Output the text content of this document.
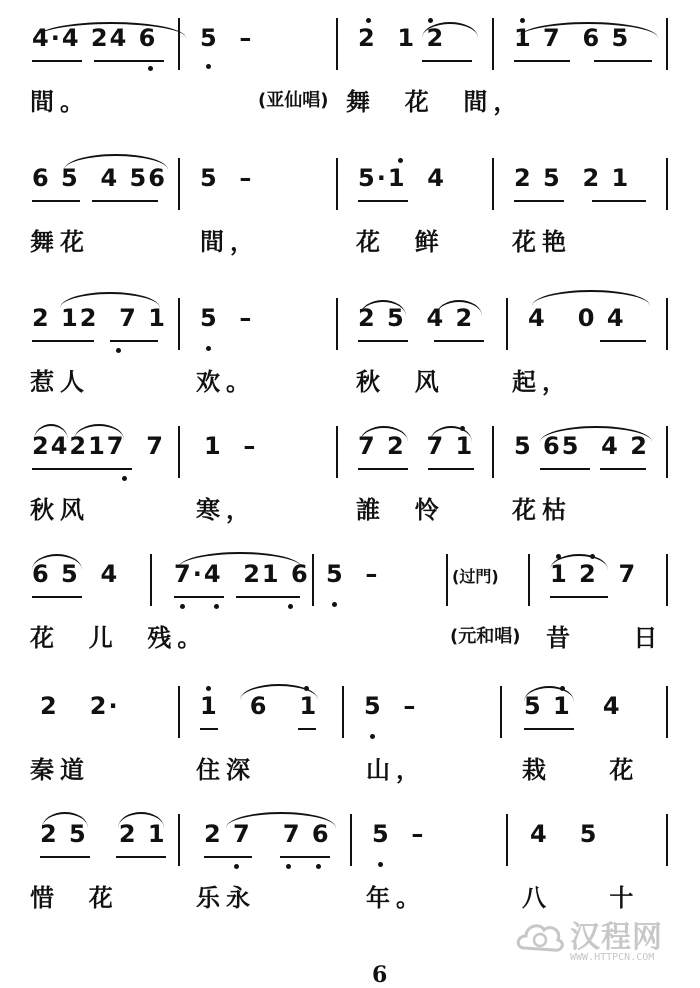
4·4 24 6 5  –	2  1 2	1 7  6 5
間。	(亚仙唱) 舞  花  間，
6 5  4 56 5  –	5·1  4	2 5  2 1
舞花	間，	花  鲜	花艳
2 12  7 1 5  –	2 5  4 2 4   0 4
惹人	欢。	秋  风	起，
24217  7 1  –	7 2  7 1 5 65  4 2
秋风	寒，	誰  怜	花枯
6 5  4 7·4  21 6 5  –	(过門) 1 2  7
花  儿  残。	(元和唱) 昔    日
2   2·	1   6   1 5  –	5 1   4
秦道	住深	山，	栽    花
2 5   2 1 2 7   7 6 5  –	4   5
惜  花	乐永	年。	八    十
6
汉程网
WWW.HTTPCN.COM
